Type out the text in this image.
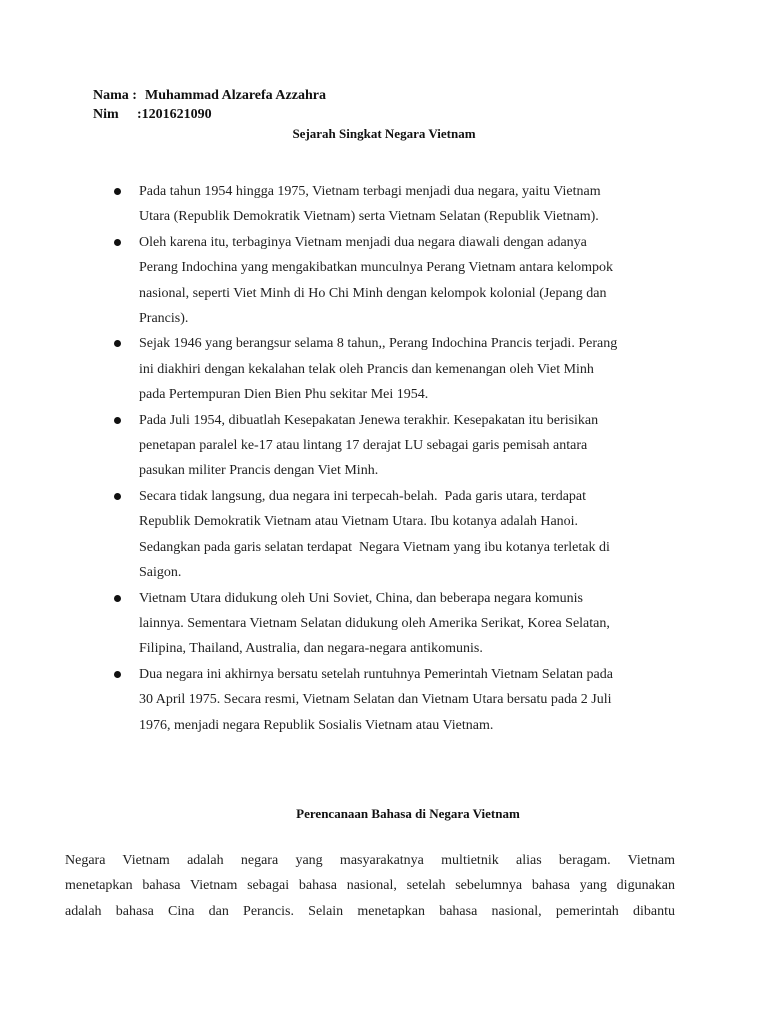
Nama : Muhammad Alzarefa Azzahra
Nim :1201621090
Sejarah Singkat Negara Vietnam
Pada tahun 1954 hingga 1975, Vietnam terbagi menjadi dua negara, yaitu Vietnam
Utara (Republik Demokratik Vietnam) serta Vietnam Selatan (Republik Vietnam).
Oleh karena itu, terbaginya Vietnam menjadi dua negara diawali dengan adanya
Perang Indochina yang mengakibatkan munculnya Perang Vietnam antara kelompok
nasional, seperti Viet Minh di Ho Chi Minh dengan kelompok kolonial (Jepang dan
Prancis).
Sejak 1946 yang berangsur selama 8 tahun,, Perang Indochina Prancis terjadi. Perang
ini diakhiri dengan kekalahan telak oleh Prancis dan kemenangan oleh Viet Minh
pada Pertempuran Dien Bien Phu sekitar Mei 1954.
Pada Juli 1954, dibuatlah Kesepakatan Jenewa terakhir. Kesepakatan itu berisikan
penetapan paralel ke-17 atau lintang 17 derajat LU sebagai garis pemisah antara
pasukan militer Prancis dengan Viet Minh.
Secara tidak langsung, dua negara ini terpecah-belah.  Pada garis utara, terdapat
Republik Demokratik Vietnam atau Vietnam Utara. Ibu kotanya adalah Hanoi.
Sedangkan pada garis selatan terdapat  Negara Vietnam yang ibu kotanya terletak di
Saigon.
Vietnam Utara didukung oleh Uni Soviet, China, dan beberapa negara komunis
lainnya. Sementara Vietnam Selatan didukung oleh Amerika Serikat, Korea Selatan,
Filipina, Thailand, Australia, dan negara-negara antikomunis.
Dua negara ini akhirnya bersatu setelah runtuhnya Pemerintah Vietnam Selatan pada
30 April 1975. Secara resmi, Vietnam Selatan dan Vietnam Utara bersatu pada 2 Juli
1976, menjadi negara Republik Sosialis Vietnam atau Vietnam.
Perencanaan Bahasa di Negara Vietnam
Negara Vietnam adalah negara yang masyarakatnya multietnik alias beragam. Vietnam
menetapkan bahasa Vietnam sebagai bahasa nasional, setelah sebelumnya bahasa yang digunakan
adalah bahasa Cina dan Perancis. Selain menetapkan bahasa nasional, pemerintah dibantu
